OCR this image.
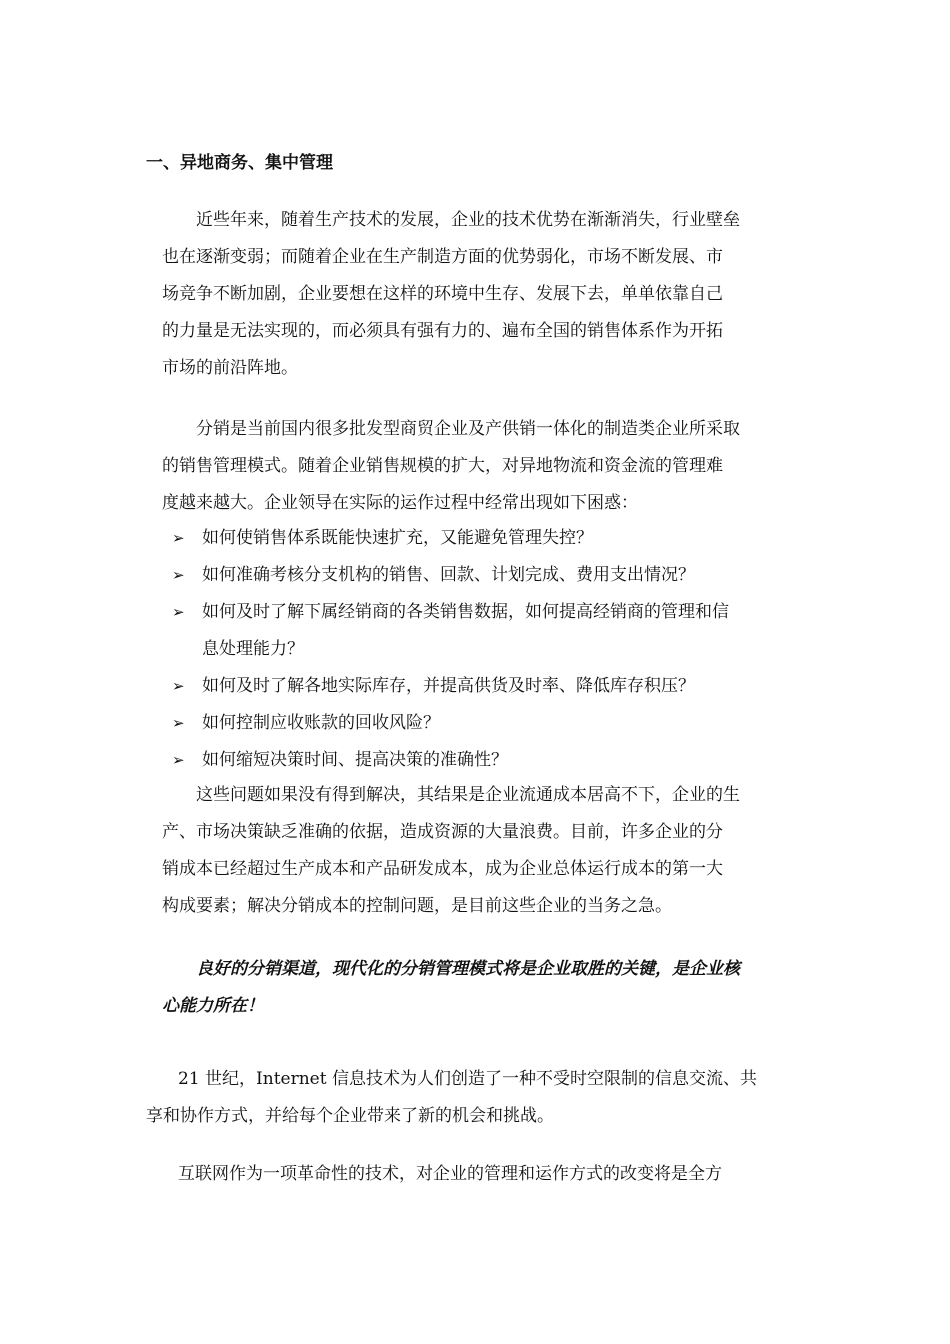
一、异地商务、集中管理
近些年来，随着生产技术的发展，企业的技术优势在渐渐消失，行业壁垒
也在逐渐变弱；而随着企业在生产制造方面的优势弱化，市场不断发展、市
场竞争不断加剧，企业要想在这样的环境中生存、发展下去，单单依靠自己
的力量是无法实现的，而必须具有强有力的、遍布全国的销售体系作为开拓
市场的前沿阵地。
分销是当前国内很多批发型商贸企业及产供销一体化的制造类企业所采取
的销售管理模式。随着企业销售规模的扩大，对异地物流和资金流的管理难
度越来越大。企业领导在实际的运作过程中经常出现如下困惑：
➢	如何使销售体系既能快速扩充，又能避免管理失控？
➢	如何准确考核分支机构的销售、回款、计划完成、费用支出情况？
➢	如何及时了解下属经销商的各类销售数据，如何提高经销商的管理和信
息处理能力？
➢	如何及时了解各地实际库存，并提高供货及时率、降低库存积压？
➢	如何控制应收账款的回收风险？
➢	如何缩短决策时间、提高决策的准确性？
这些问题如果没有得到解决，其结果是企业流通成本居高不下，企业的生
产、市场决策缺乏准确的依据，造成资源的大量浪费。目前，许多企业的分
销成本已经超过生产成本和产品研发成本，成为企业总体运行成本的第一大
构成要素；解决分销成本的控制问题，是目前这些企业的当务之急。
良好的分销渠道，现代化的分销管理模式将是企业取胜的关键，是企业核
心能力所在！
21 世纪，Internet 信息技术为人们创造了一种不受时空限制的信息交流、共
享和协作方式，并给每个企业带来了新的机会和挑战。
互联网作为一项革命性的技术，对企业的管理和运作方式的改变将是全方
